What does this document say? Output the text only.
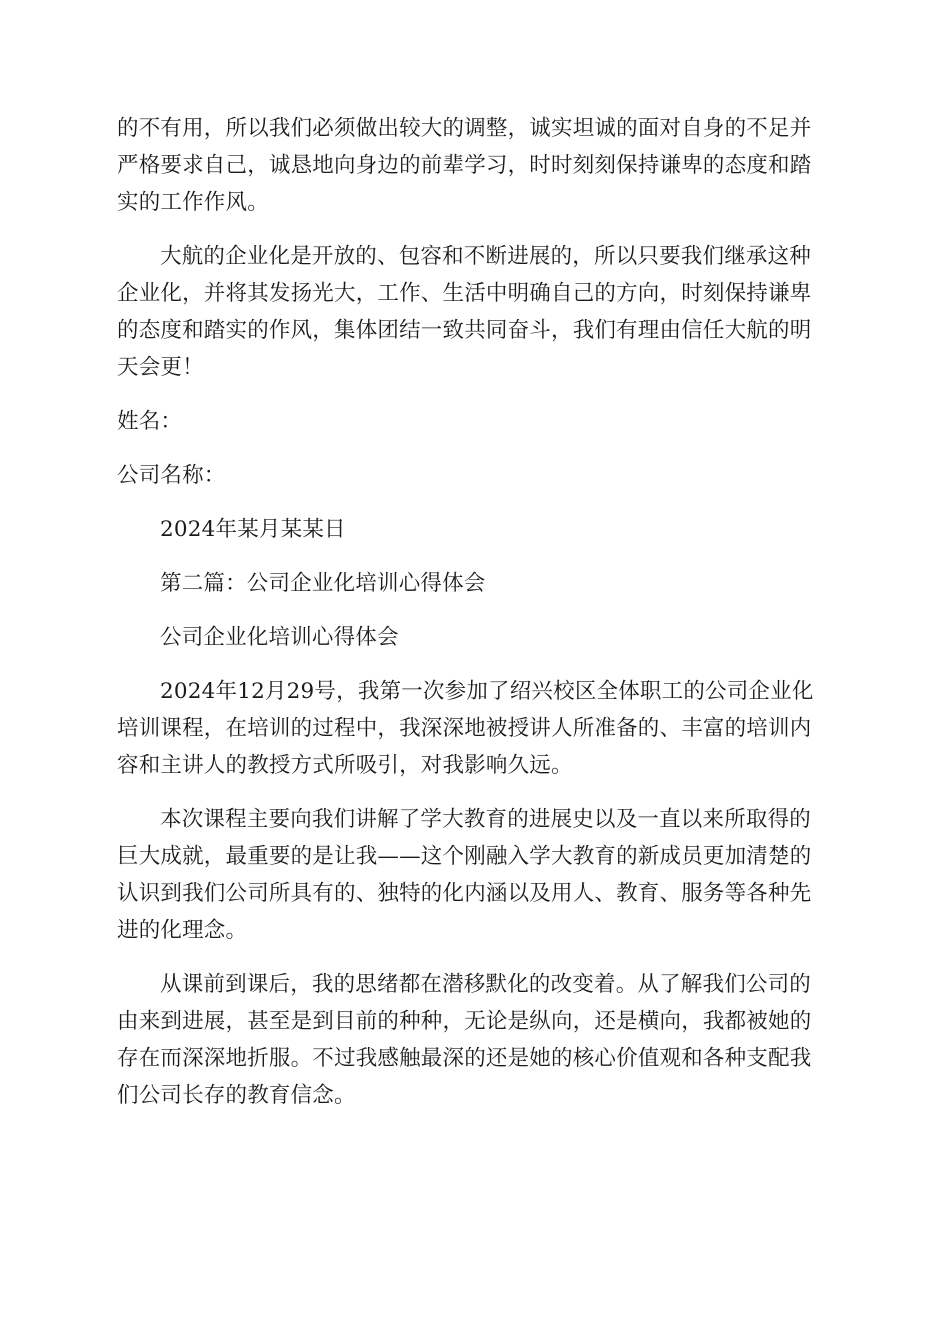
的不有用，所以我们必须做出较大的调整，诚实坦诚的面对自身的不足并
严格要求自己，诚恳地向身边的前辈学习，时时刻刻保持谦卑的态度和踏
实的工作作风。

大航的企业化是开放的、包容和不断进展的，所以只要我们继承这种
企业化，并将其发扬光大，工作、生活中明确自己的方向，时刻保持谦卑
的态度和踏实的作风，集体团结一致共同奋斗，我们有理由信任大航的明
天会更！

姓名：

公司名称：

2024年某月某某日

第二篇：公司企业化培训心得体会

公司企业化培训心得体会

2024年12月29号，我第一次参加了绍兴校区全体职工的公司企业化
培训课程，在培训的过程中，我深深地被授讲人所准备的、丰富的培训内
容和主讲人的教授方式所吸引，对我影响久远。

本次课程主要向我们讲解了学大教育的进展史以及一直以来所取得的
巨大成就，最重要的是让我——这个刚融入学大教育的新成员更加清楚的
认识到我们公司所具有的、独特的化内涵以及用人、教育、服务等各种先
进的化理念。

从课前到课后，我的思绪都在潜移默化的改变着。从了解我们公司的
由来到进展，甚至是到目前的种种，无论是纵向，还是横向，我都被她的
存在而深深地折服。不过我感触最深的还是她的核心价值观和各种支配我
们公司长存的教育信念。
